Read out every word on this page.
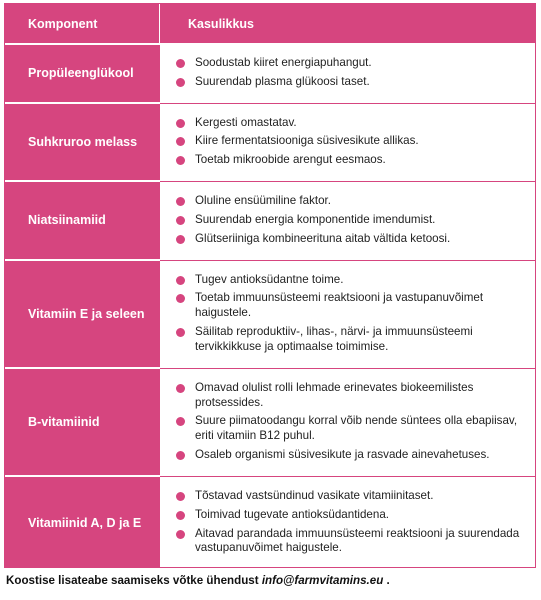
Komponent	Kasulikkus
Propüleenglükool
Soodustab kiiret energiapuhangut.
Suurendab plasma glükoosi taset.
Suhkruroo melass
Kergesti omastatav.
Kiire fermentatsiooniga süsivesikute allikas.
Toetab mikroobide arengut eesmaos.
Niatsiinamiid
Oluline ensüümiline faktor.
Suurendab energia komponentide imendumist.
Glütseriiniga kombineerituna aitab vältida ketoosi.
Vitamiin E ja seleen
Tugev antioksüdantne toime.
Toetab immuunsüsteemi reaktsiooni ja vastupanuvõimet haigustele.
Säilitab reproduktiiv-, lihas-, närvi- ja immuunsüsteemi tervikkikkuse ja optimaalse toimimise.
B-vitamiinid
Omavad olulist rolli lehmade erinevates biokeemilistes protsessides.
Suure piimatoodangu korral võib nende süntees olla ebapiisav, eriti vitamiin B12 puhul.
Osaleb organismi süsivesikute ja rasvade ainevahetuses.
Vitamiinid A, D ja E
Tõstavad vastsündinud vasikate vitamiinitaset.
Toimivad tugevate antioksüdantidena.
Aitavad parandada immuunsüsteemi reaktsiooni ja suurendada vastupanuvõimet haigustele.
Koostise lisateabe saamiseks võtke ühendust info@farmvitamins.eu .
